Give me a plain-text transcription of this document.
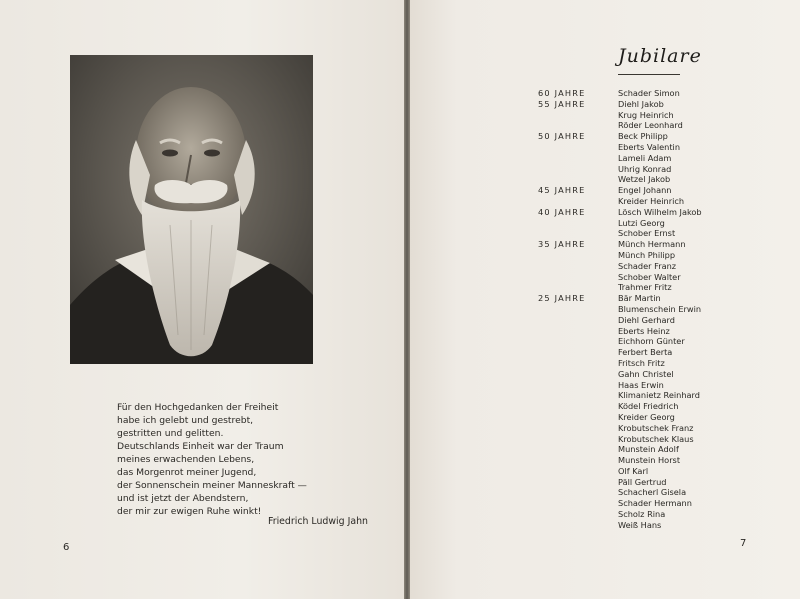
Für den Hochgedanken der Freiheit
habe ich gelebt und gestrebt,
gestritten und gelitten.
Deutschlands Einheit war der Traum
meines erwachenden Lebens,
das Morgenrot meiner Jugend,
der Sonnenschein meiner Manneskraft —
und ist jetzt der Abendstern,
der mir zur ewigen Ruhe winkt!
Friedrich Ludwig Jahn
6
Jubilare
60 JAHRE	Schader Simon
55 JAHRE	Diehl Jakob
Krug Heinrich
Röder Leonhard
50 JAHRE	Beck Philipp
Eberts Valentin
Lameli Adam
Uhrig Konrad
Wetzel Jakob
45 JAHRE	Engel Johann
Kreider Heinrich
40 JAHRE	Lösch Wilhelm Jakob
Lutzi Georg
Schober Ernst
35 JAHRE	Münch Hermann
Münch Philipp
Schader Franz
Schober Walter
Trahmer Fritz
25 JAHRE	Bär Martin
Blumenschein Erwin
Diehl Gerhard
Eberts Heinz
Eichhorn Günter
Ferbert Berta
Fritsch Fritz
Gahn Christel
Haas Erwin
Klimanietz Reinhard
Ködel Friedrich
Kreider Georg
Krobutschek Franz
Krobutschek Klaus
Munstein Adolf
Munstein Horst
Olf Karl
Päll Gertrud
Schacherl Gisela
Schader Hermann
Scholz Rina
Weiß Hans
7
